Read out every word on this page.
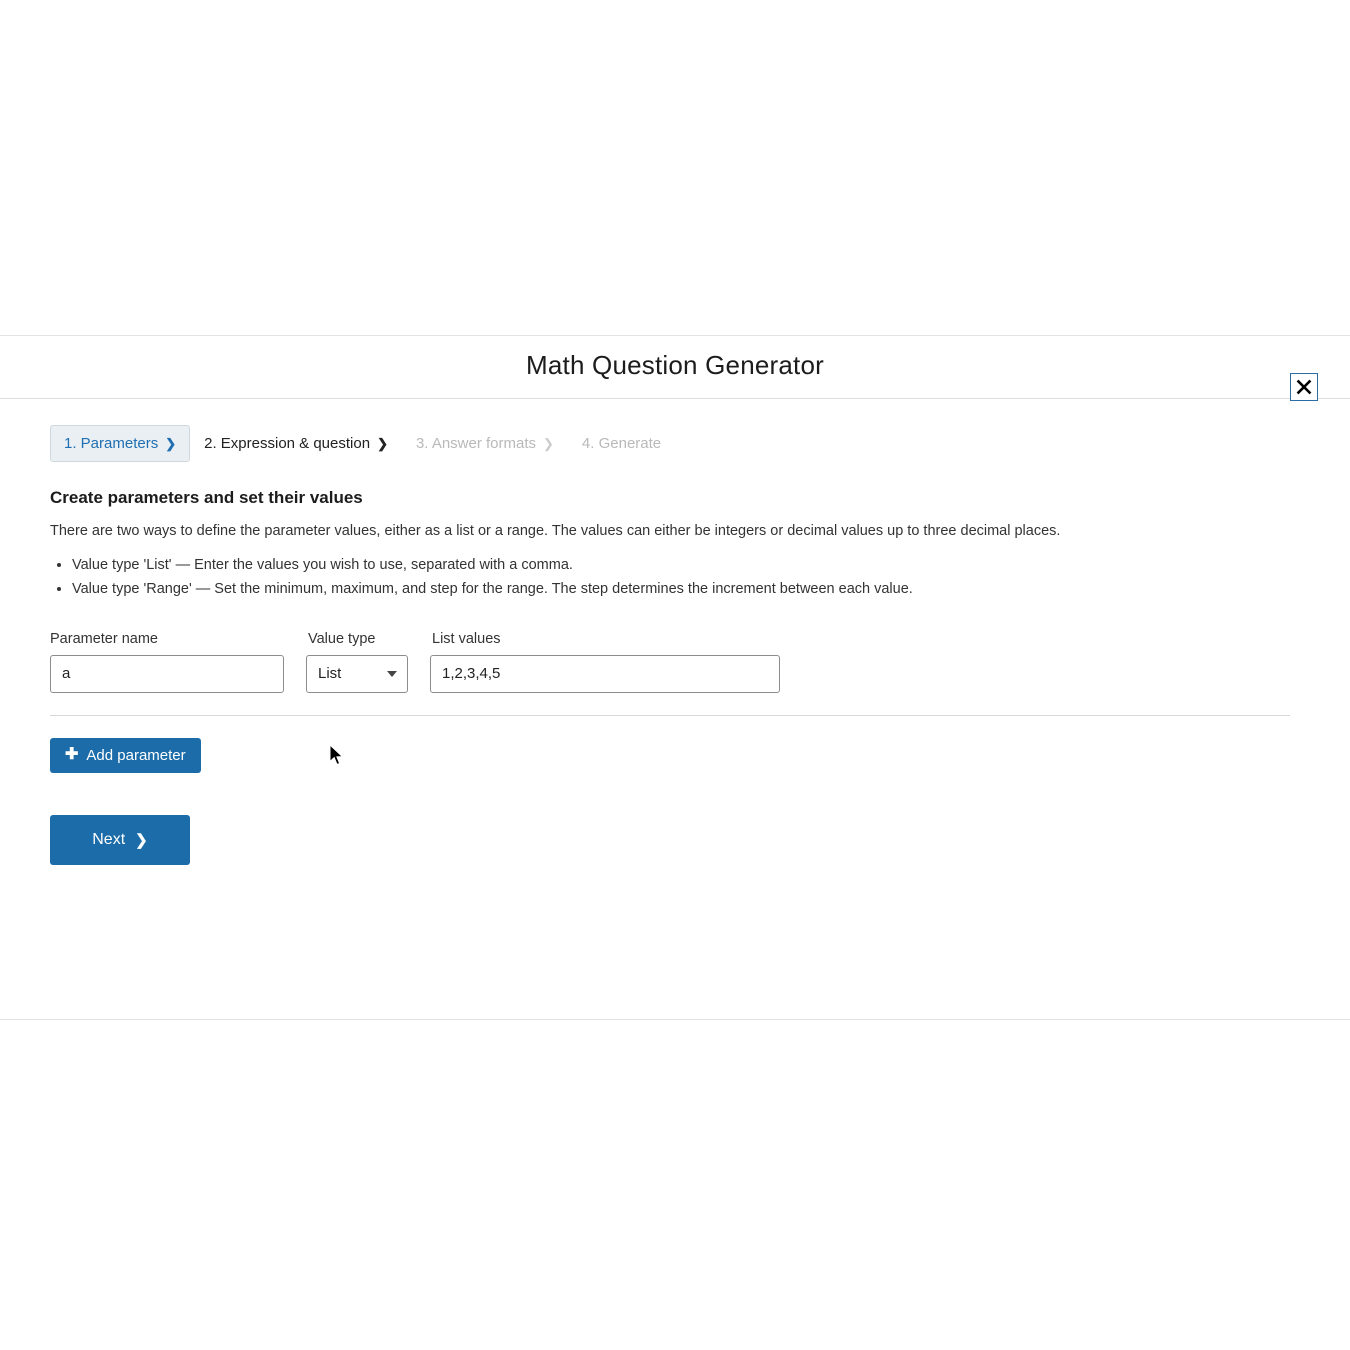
Math Question Generator
1. Parameters ❯ 2. Expression & question ❯ 3. Answer formats ❯ 4. Generate
Create parameters and set their values

There are two ways to define the parameter values, either as a list or a range. The values can either be integers or decimal values up to three decimal places.

• Value type 'List' — Enter the values you wish to use, separated with a comma.
• Value type 'Range' — Set the minimum, maximum, and step for the range. The step determines the increment between each value.
Parameter name	Value type	List values
a
List
1,2,3,4,5
✚ Add parameter
Next ❯
